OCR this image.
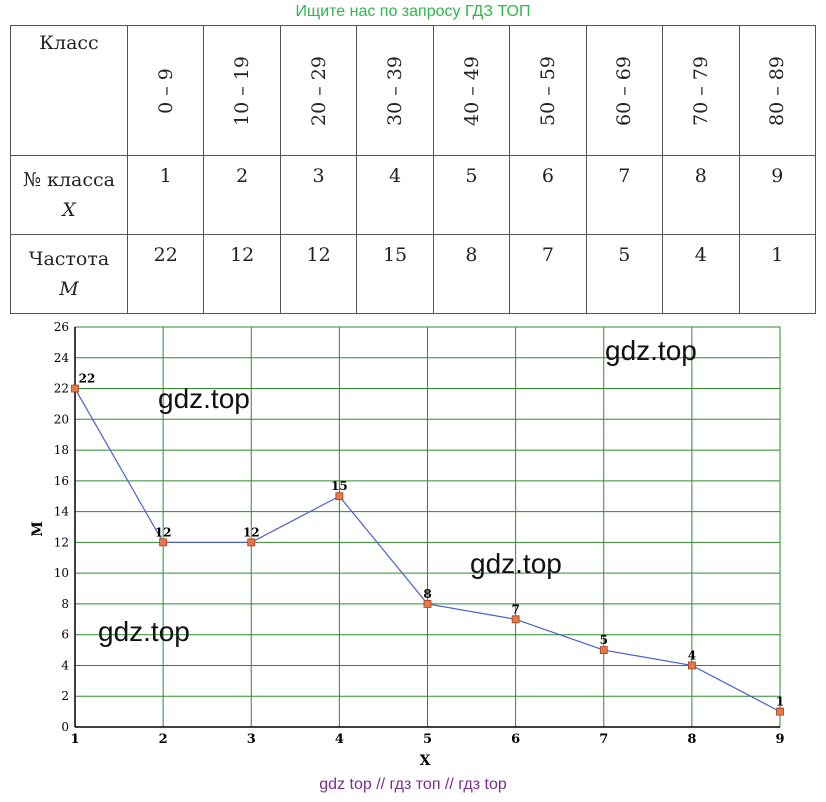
Ищите нас по запросу ГДЗ ТОП
Класс	0 – 9	10 – 19	20 – 29	30 – 39	40 – 49	50 – 59	60 – 69	70 – 79	80 – 89

№ класса
X	1	2	3	4	5	6	7	8	9

Частота
M	22	12	12	15	8	7	5	4	1
0
2
4
6
8
10
12
14
16
18
20
22
24
26
1	2	3	4	5	6	7	8	9
22
12	12
15
8
7
5
4
1
X
M
gdz.top
gdz.top
gdz.top
gdz.top
gdz top // гдз топ // гдз top
